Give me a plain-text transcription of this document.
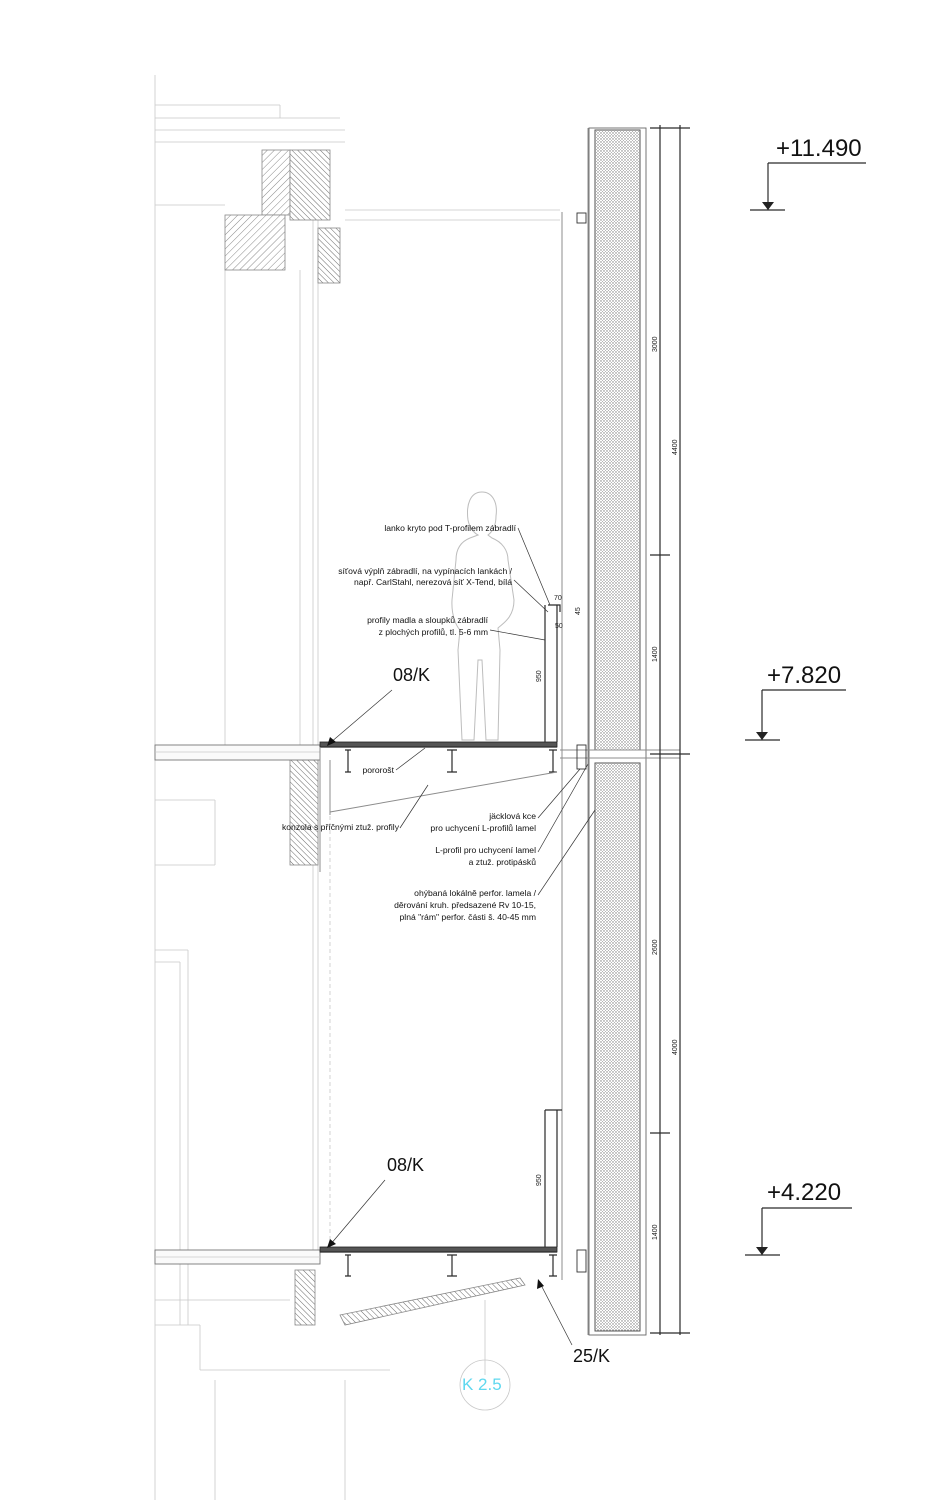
+11.490
+7.820
+4.220
08/K
08/K
25/K
lanko kryto pod T-profilem zábradlí
síťová výplň zábradlí, na vypínacích lankách /
např. CarlStahl, nerezová síť X-Tend, bílá
profily madla a sloupků zábradlí
z plochých profilů, tl. 5-6 mm
pororošt
konzola s příčnými ztuž. profily
jäcklová kce
pro uchycení L-profilů lamel
L-profil pro uchycení lamel
a ztuž. protipásků
ohýbaná lokálně perfor. lamela /
děrování kruh. předsazené Rv 10-15,
plná "rám" perfor. části š. 40-45 mm
70
45
50
950
950
3000
4400
1400
2600
4000
1400
K 2.5
